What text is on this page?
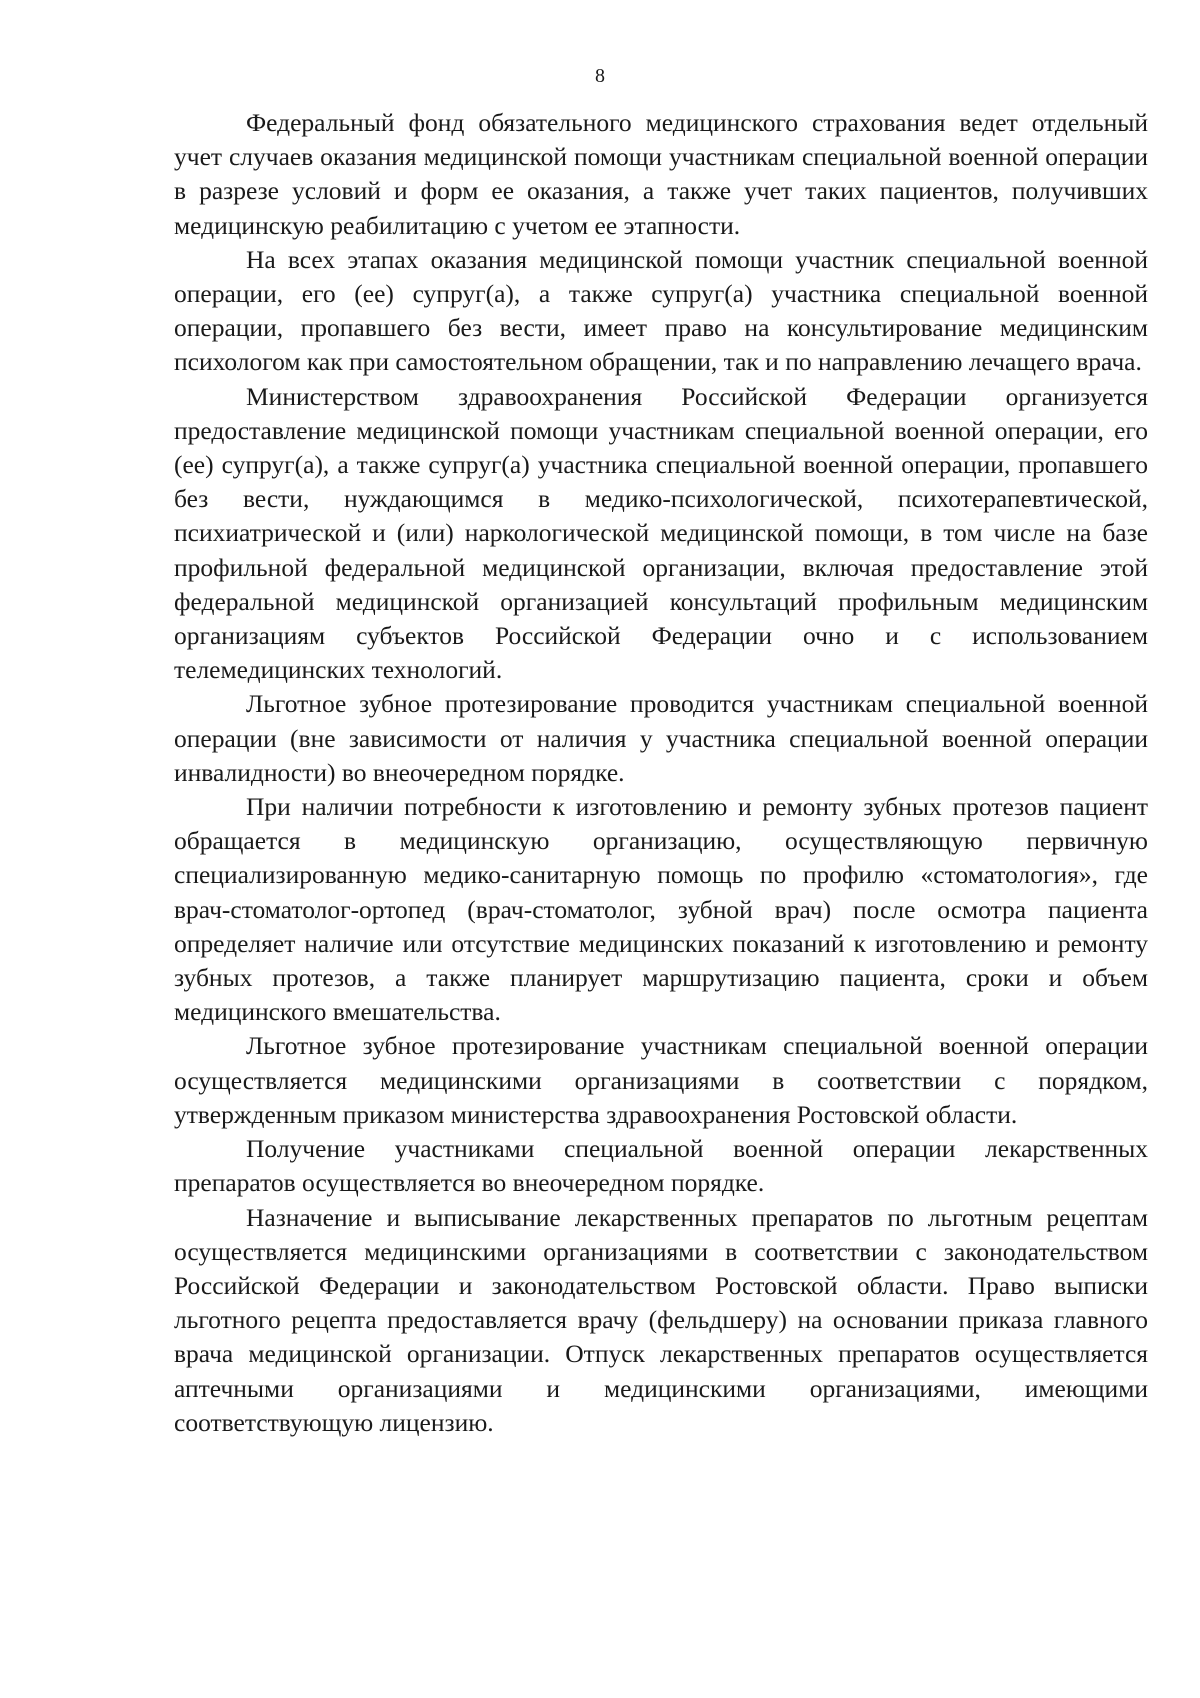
8

Федеральный фонд обязательного медицинского страхования ведет отдельный учет случаев оказания медицинской помощи участникам специальной военной операции в разрезе условий и форм ее оказания, а также учет таких пациентов, получивших медицинскую реабилитацию с учетом ее этапности.

На всех этапах оказания медицинской помощи участник специальной военной операции, его (ее) супруг(а), а также супруг(а) участника специальной военной операции, пропавшего без вести, имеет право на консультирование медицинским психологом как при самостоятельном обращении, так и по направлению лечащего врача.

Министерством здравоохранения Российской Федерации организуется предоставление медицинской помощи участникам специальной военной операции, его (ее) супруг(а), а также супруг(а) участника специальной военной операции, пропавшего без вести, нуждающимся в медико-психологической, психотерапевтической, психиатрической и (или) наркологической медицинской помощи, в том числе на базе профильной федеральной медицинской организации, включая предоставление этой федеральной медицинской организацией консультаций профильным медицинским организациям субъектов Российской Федерации очно и с использованием телемедицинских технологий.

Льготное зубное протезирование проводится участникам специальной военной операции (вне зависимости от наличия у участника специальной военной операции инвалидности) во внеочередном порядке.

При наличии потребности к изготовлению и ремонту зубных протезов пациент обращается в медицинскую организацию, осуществляющую первичную специализированную медико-санитарную помощь по профилю «стоматология», где врач-стоматолог-ортопед (врач-стоматолог, зубной врач) после осмотра пациента определяет наличие или отсутствие медицинских показаний к изготовлению и ремонту зубных протезов, а также планирует маршрутизацию пациента, сроки и объем медицинского вмешательства.

Льготное зубное протезирование участникам специальной военной операции осуществляется медицинскими организациями в соответствии с порядком, утвержденным приказом министерства здравоохранения Ростовской области.

Получение участниками специальной военной операции лекарственных препаратов осуществляется во внеочередном порядке.

Назначение и выписывание лекарственных препаратов по льготным рецептам осуществляется медицинскими организациями в соответствии с законодательством Российской Федерации и законодательством Ростовской области. Право выписки льготного рецепта предоставляется врачу (фельдшеру) на основании приказа главного врача медицинской организации. Отпуск лекарственных препаратов осуществляется аптечными организациями и медицинскими организациями, имеющими соответствующую лицензию.
